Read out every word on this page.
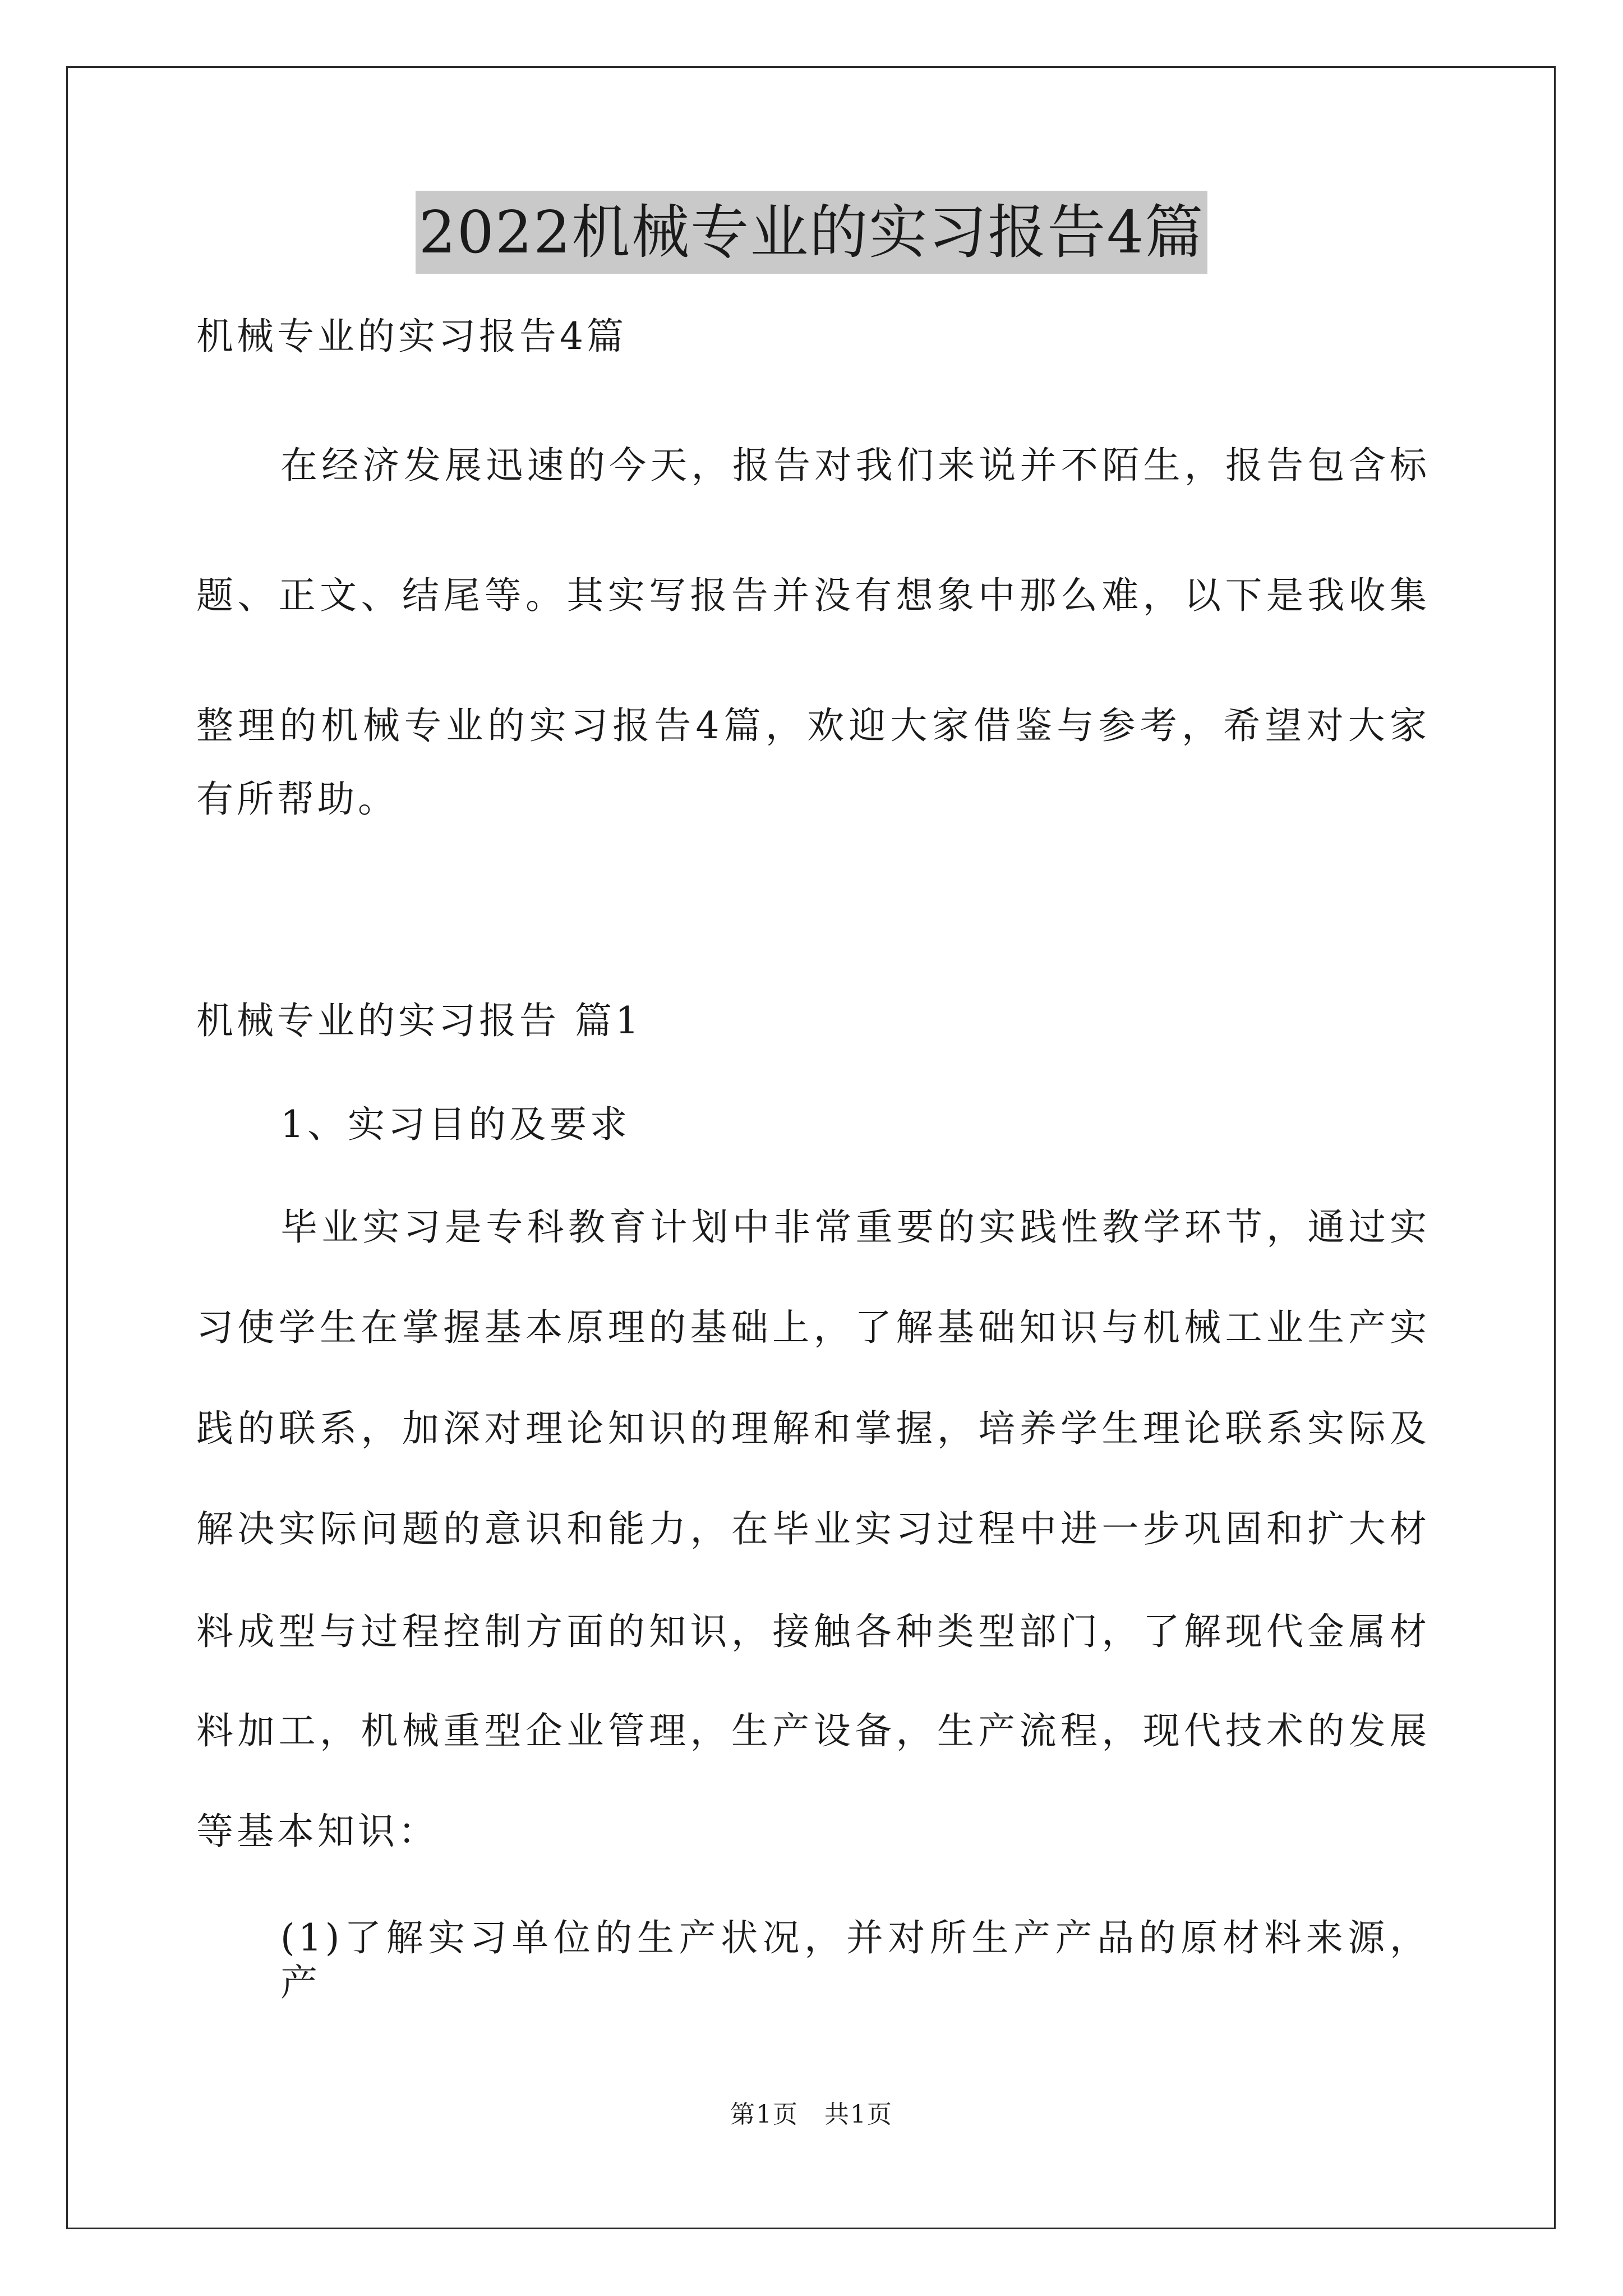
2022机械专业的实习报告4篇
机械专业的实习报告4篇
在经济发展迅速的今天，报告对我们来说并不陌生，报告包含标
题、正文、结尾等。其实写报告并没有想象中那么难，以下是我收集
整理的机械专业的实习报告4篇，欢迎大家借鉴与参考，希望对大家
有所帮助。
机械专业的实习报告 篇1
1、实习目的及要求
毕业实习是专科教育计划中非常重要的实践性教学环节，通过实
习使学生在掌握基本原理的基础上，了解基础知识与机械工业生产实
践的联系，加深对理论知识的理解和掌握，培养学生理论联系实际及
解决实际问题的意识和能力，在毕业实习过程中进一步巩固和扩大材
料成型与过程控制方面的知识，接触各种类型部门，了解现代金属材
料加工，机械重型企业管理，生产设备，生产流程，现代技术的发展
等基本知识：
(1)了解实习单位的生产状况，并对所生产产品的原材料来源，产
第1页　共1页
